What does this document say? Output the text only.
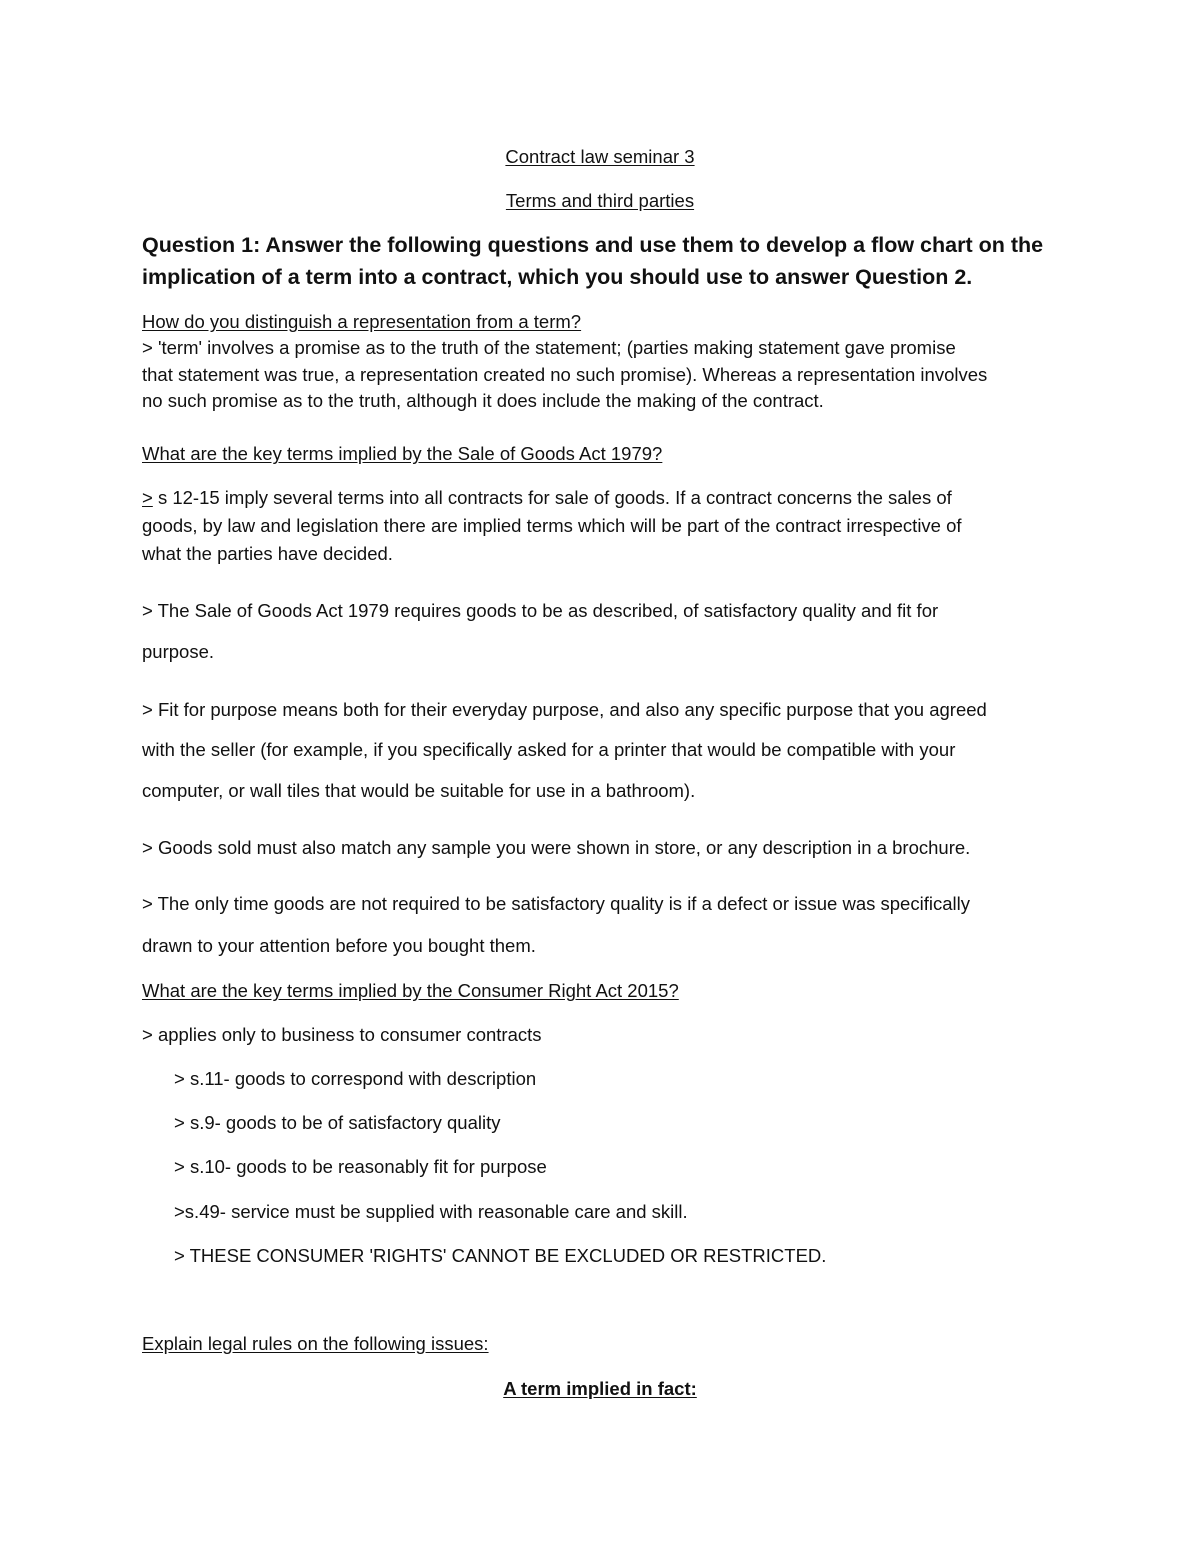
Contract law seminar 3

Terms and third parties

Question 1: Answer the following questions and use them to develop a flow chart on the

implication of a term into a contract, which you should use to answer Question 2.

How do you distinguish a representation from a term?

> 'term' involves a promise as to the truth of the statement; (parties making statement gave promise

that statement was true, a representation created no such promise). Whereas a representation involves

no such promise as to the truth, although it does include the making of the contract.

What are the key terms implied by the Sale of Goods Act 1979?

> s 12-15 imply several terms into all contracts for sale of goods. If a contract concerns the sales of

goods, by law and legislation there are implied terms which will be part of the contract irrespective of

what the parties have decided.

> The Sale of Goods Act 1979 requires goods to be as described, of satisfactory quality and fit for

purpose.

> Fit for purpose means both for their everyday purpose, and also any specific purpose that you agreed

with the seller (for example, if you specifically asked for a printer that would be compatible with your

computer, or wall tiles that would be suitable for use in a bathroom).

> Goods sold must also match any sample you were shown in store, or any description in a brochure.

> The only time goods are not required to be satisfactory quality is if a defect or issue was specifically

drawn to your attention before you bought them.

What are the key terms implied by the Consumer Right Act 2015?

> applies only to business to consumer contracts

> s.11- goods to correspond with description

> s.9- goods to be of satisfactory quality

> s.10- goods to be reasonably fit for purpose

>s.49- service must be supplied with reasonable care and skill.

> THESE CONSUMER 'RIGHTS' CANNOT BE EXCLUDED OR RESTRICTED.

Explain legal rules on the following issues:

A term implied in fact:
